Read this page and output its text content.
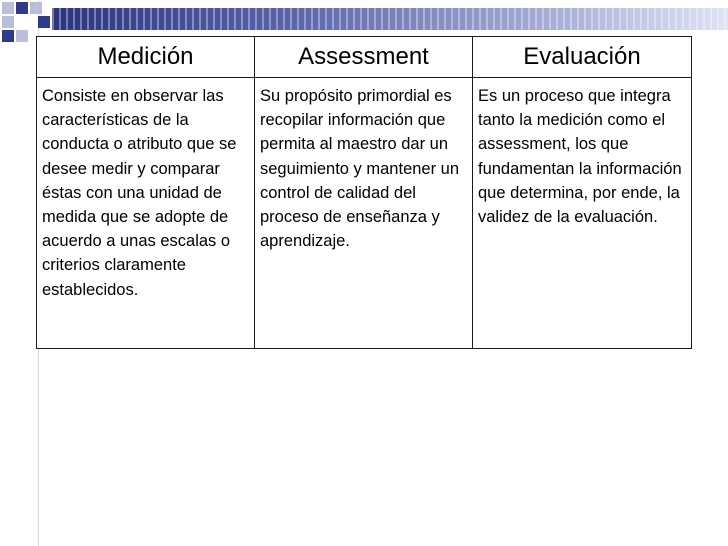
Medición	Assessment	Evaluación
Consiste en observar las características de la conducta o atributo que se desee medir y comparar éstas con una unidad de medida que se adopte de acuerdo a unas escalas o criterios claramente establecidos.	Su propósito primordial es recopilar información que permita al maestro dar un seguimiento y mantener un control de calidad del proceso de enseñanza y aprendizaje.	Es un proceso que integra tanto la medición como el assessment, los que fundamentan la información que determina, por ende, la validez de la evaluación.
